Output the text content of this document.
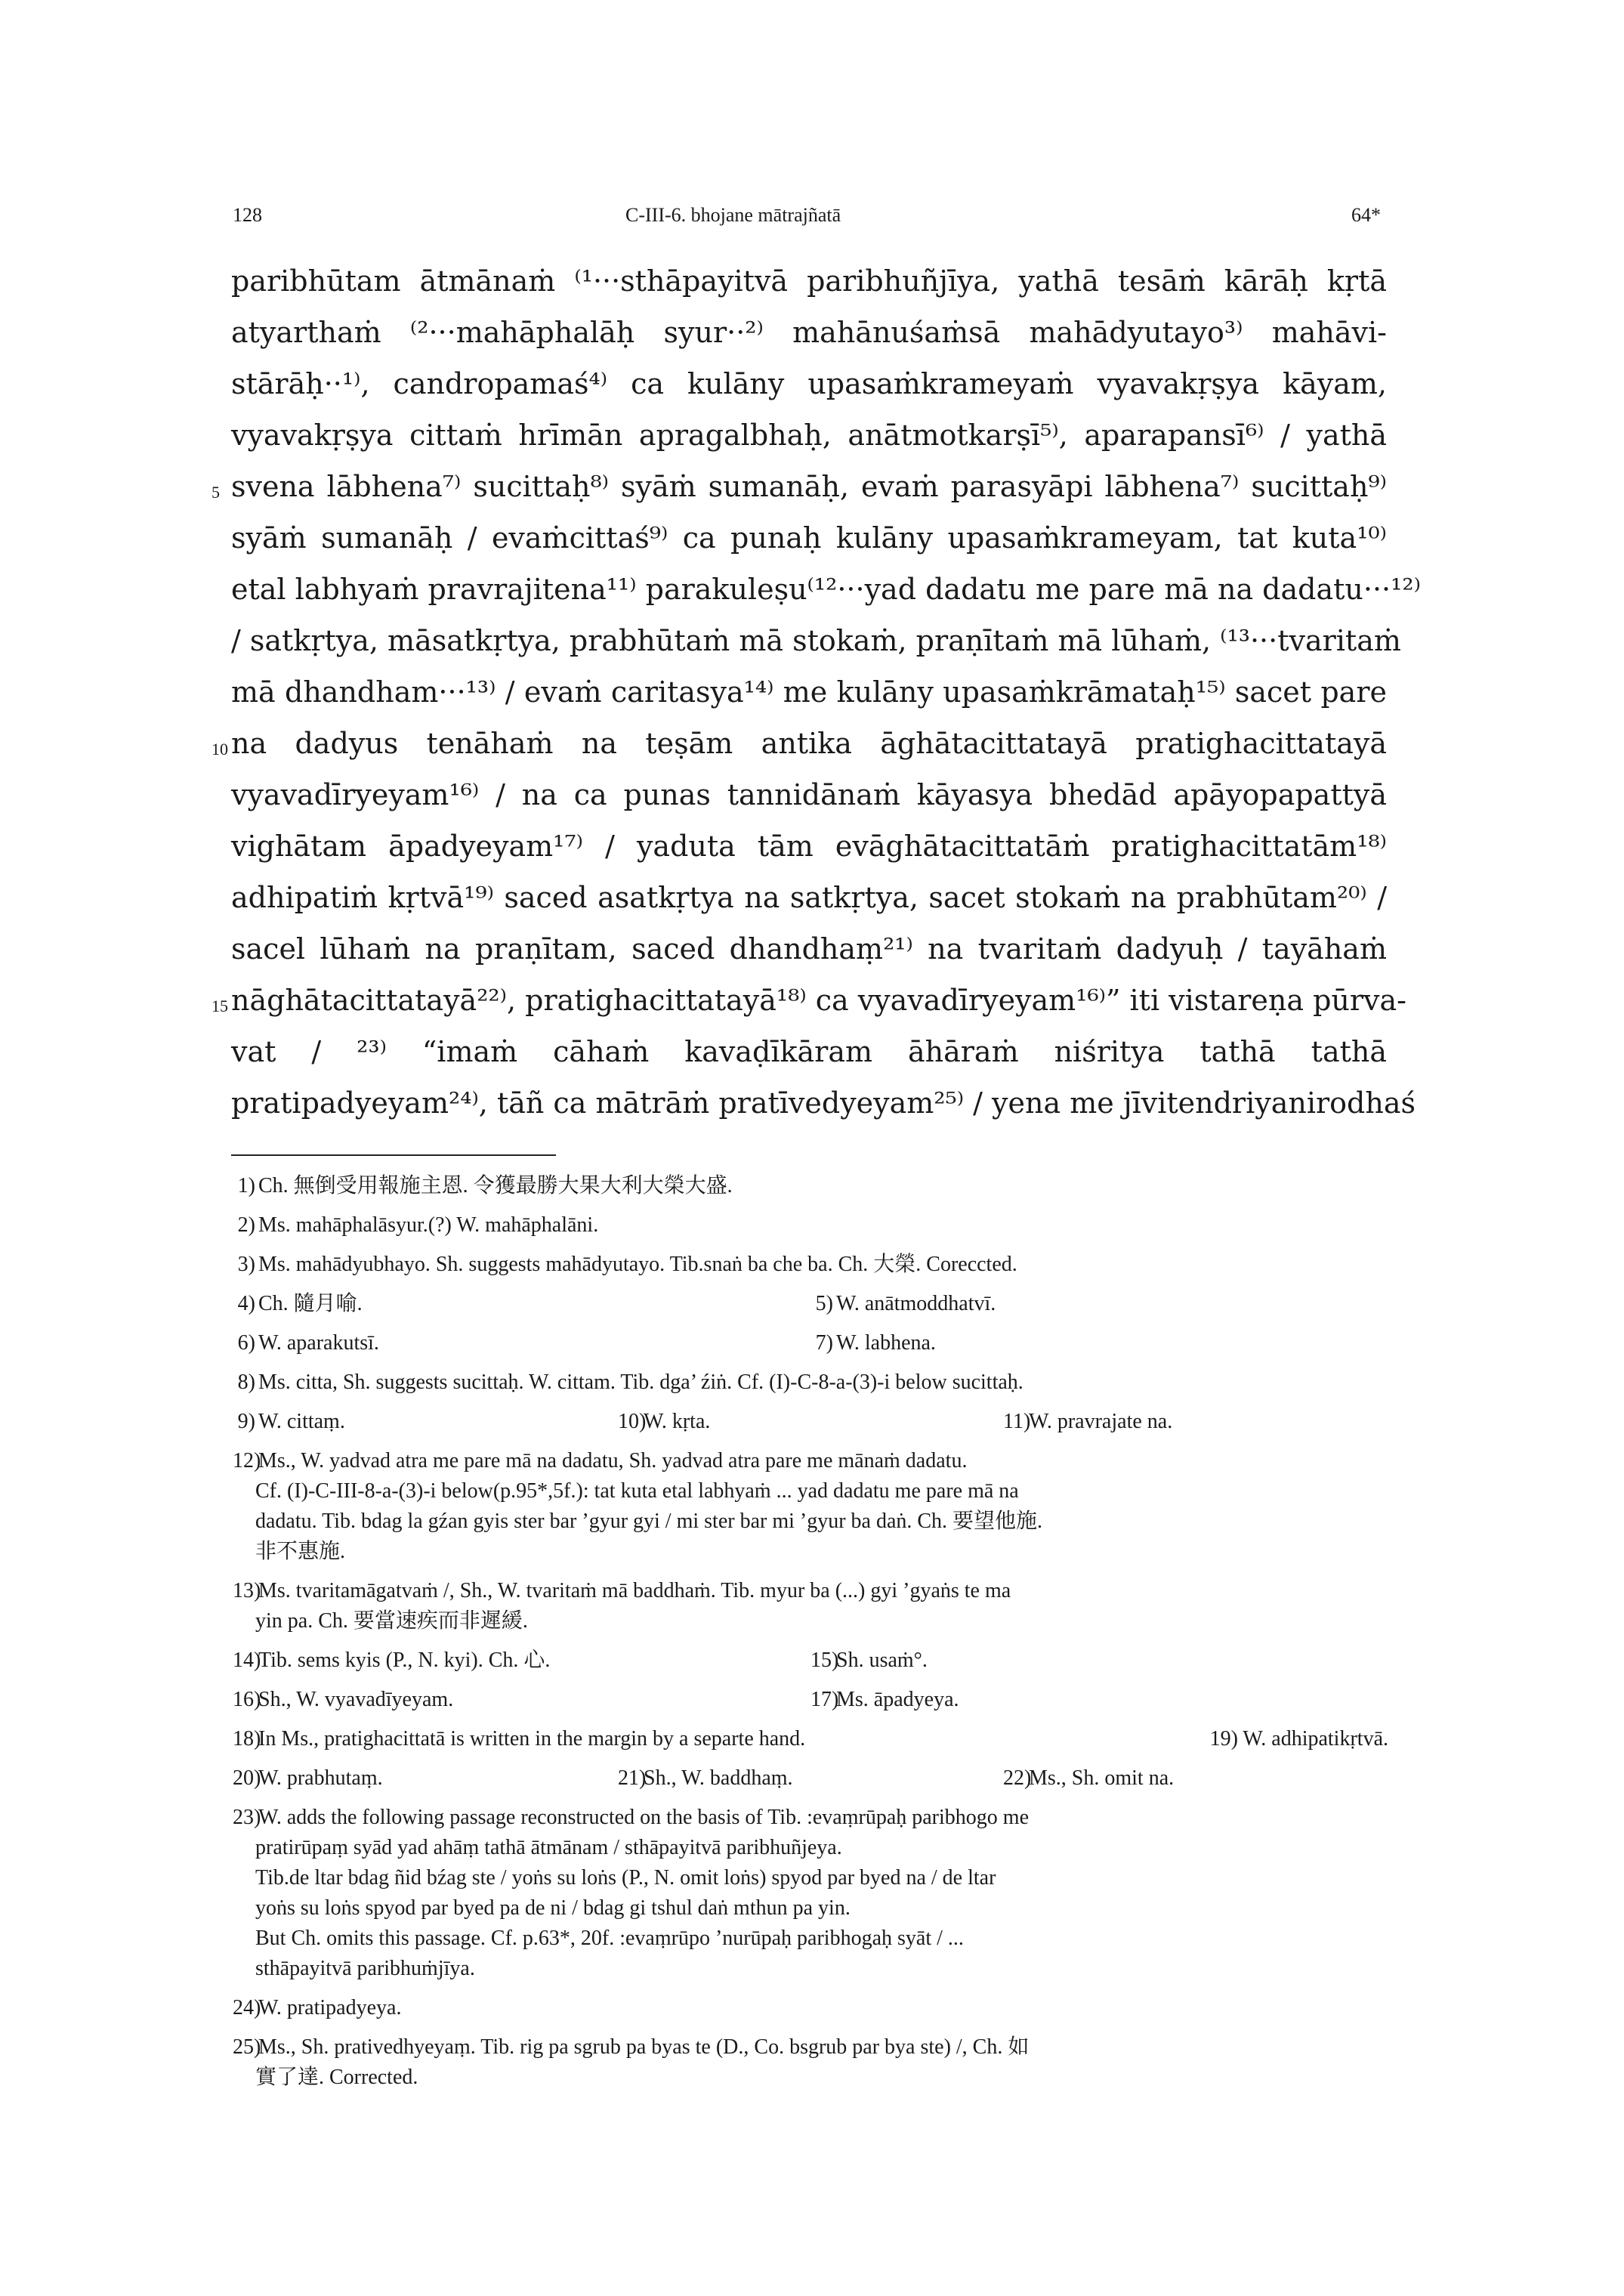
128	C-III-6. bhojane mātrajñatā	64*
paribhūtam ātmānaṁ ⁽¹···sthāpayitvā paribhuñjīya, yathā tesāṁ kārāḥ kṛtā
atyarthaṁ ⁽²···mahāphalāḥ syur··²⁾ mahānuśaṁsā mahādyutayo³⁾ mahāvi-
stārāḥ··¹⁾, candropamaś⁴⁾ ca kulāny upasaṁkrameyaṁ vyavakṛṣya kāyam,
vyavakṛṣya cittaṁ hrīmān apragalbhaḥ, anātmotkarṣī⁵⁾, aparapansī⁶⁾ / yathā
5 svena lābhena⁷⁾ sucittaḥ⁸⁾ syāṁ sumanāḥ, evaṁ parasyāpi lābhena⁷⁾ sucittaḥ⁹⁾
syāṁ sumanāḥ / evaṁcittaś⁹⁾ ca punaḥ kulāny upasaṁkrameyam, tat kuta¹⁰⁾
etal labhyaṁ pravrajitena¹¹⁾ parakuleṣu⁽¹²···yad dadatu me pare mā na dadatu···¹²⁾
/ satkṛtya, māsatkṛtya, prabhūtaṁ mā stokaṁ, praṇītaṁ mā lūhaṁ, ⁽¹³···tvaritaṁ
mā dhandham···¹³⁾ / evaṁ caritasya¹⁴⁾ me kulāny upasaṁkrāmataḥ¹⁵⁾ sacet pare
10 na dadyus tenāhaṁ na teṣām antika āghātacittatayā pratighacittatayā
vyavadīryeyam¹⁶⁾ / na ca punas tannidānaṁ kāyasya bhedād apāyopapattyā
vighātam āpadyeyam¹⁷⁾ / yaduta tām evāghātacittatāṁ pratighacittatām¹⁸⁾
adhipatiṁ kṛtvā¹⁹⁾ saced asatkṛtya na satkṛtya, sacet stokaṁ na prabhūtam²⁰⁾ /
sacel lūhaṁ na praṇītam, saced dhandhaṃ²¹⁾ na tvaritaṁ dadyuḥ / tayāhaṁ
15 nāghātacittatayā²²⁾, pratighacittatayā¹⁸⁾ ca vyavadīryeyam¹⁶⁾” iti vistareṇa pūrva-
vat / ²³⁾ “imaṁ cāhaṁ kavaḍīkāram āhāraṁ niśritya tathā tathā
pratipadyeyam²⁴⁾, tāñ ca mātrāṁ pratīvedyeyam²⁵⁾ / yena me jīvitendriyanirodhaś
1) Ch. 無倒受用報施主恩. 令獲最勝大果大利大榮大盛.
2) Ms. mahāphalāsyur.(?) W. mahāphalāni.
3) Ms. mahādyubhayo. Sh. suggests mahādyutayo. Tib.snaṅ ba che ba. Ch. 大榮. Coreccted.
4) Ch. 隨月喻.	5) W. anātmoddhatvī.
6) W. aparakutsī.	7) W. labhena.
8) Ms. citta, Sh. suggests sucittaḥ. W. cittam. Tib. dga’ źiṅ. Cf. (I)-C-8-a-(3)-i below sucittaḥ.
9) W. cittaṃ.	10)W. kṛta.	11)W. pravrajate na.
12)Ms., W. yadvad atra me pare mā na dadatu, Sh. yadvad atra pare me mānaṁ dadatu.
Cf. (I)-C-III-8-a-(3)-i below(p.95*,5f.): tat kuta etal labhyaṁ ... yad dadatu me pare mā na
dadatu. Tib. bdag la gźan gyis ster bar ’gyur gyi / mi ster bar mi ’gyur ba daṅ. Ch. 要望他施.
非不惠施.
13)Ms. tvaritamāgatvaṁ /, Sh., W. tvaritaṁ mā baddhaṁ. Tib. myur ba (...) gyi ’gyaṅs te ma
yin pa. Ch. 要當速疾而非遲緩.
14)Tib. sems kyis (P., N. kyi). Ch. 心.	15)Sh. usaṁ°.
16)Sh., W. vyavadīyeyam.	17)Ms. āpadyeya.
18)In Ms., pratighacittatā is written in the margin by a separte hand.	19) W. adhipatikṛtvā.
20)W. prabhutaṃ.	21)Sh., W. baddhaṃ.	22)Ms., Sh. omit na.
23)W. adds the following passage reconstructed on the basis of Tib. :evaṃrūpaḥ paribhogo me
pratirūpaṃ syād yad ahāṃ tathā ātmānam / sthāpayitvā paribhuñjeya.
Tib.de ltar bdag ñid bźag ste / yoṅs su loṅs (P., N. omit loṅs) spyod par byed na / de ltar
yoṅs su loṅs spyod par byed pa de ni / bdag gi tshul daṅ mthun pa yin.
But Ch. omits this passage. Cf. p.63*, 20f. :evaṃrūpo ’nurūpaḥ paribhogaḥ syāt / ...
sthāpayitvā paribhuṁjīya.
24)W. pratipadyeya.
25)Ms., Sh. prativedhyeyaṃ. Tib. rig pa sgrub pa byas te (D., Co. bsgrub par bya ste) /, Ch. 如
實了達. Corrected.
